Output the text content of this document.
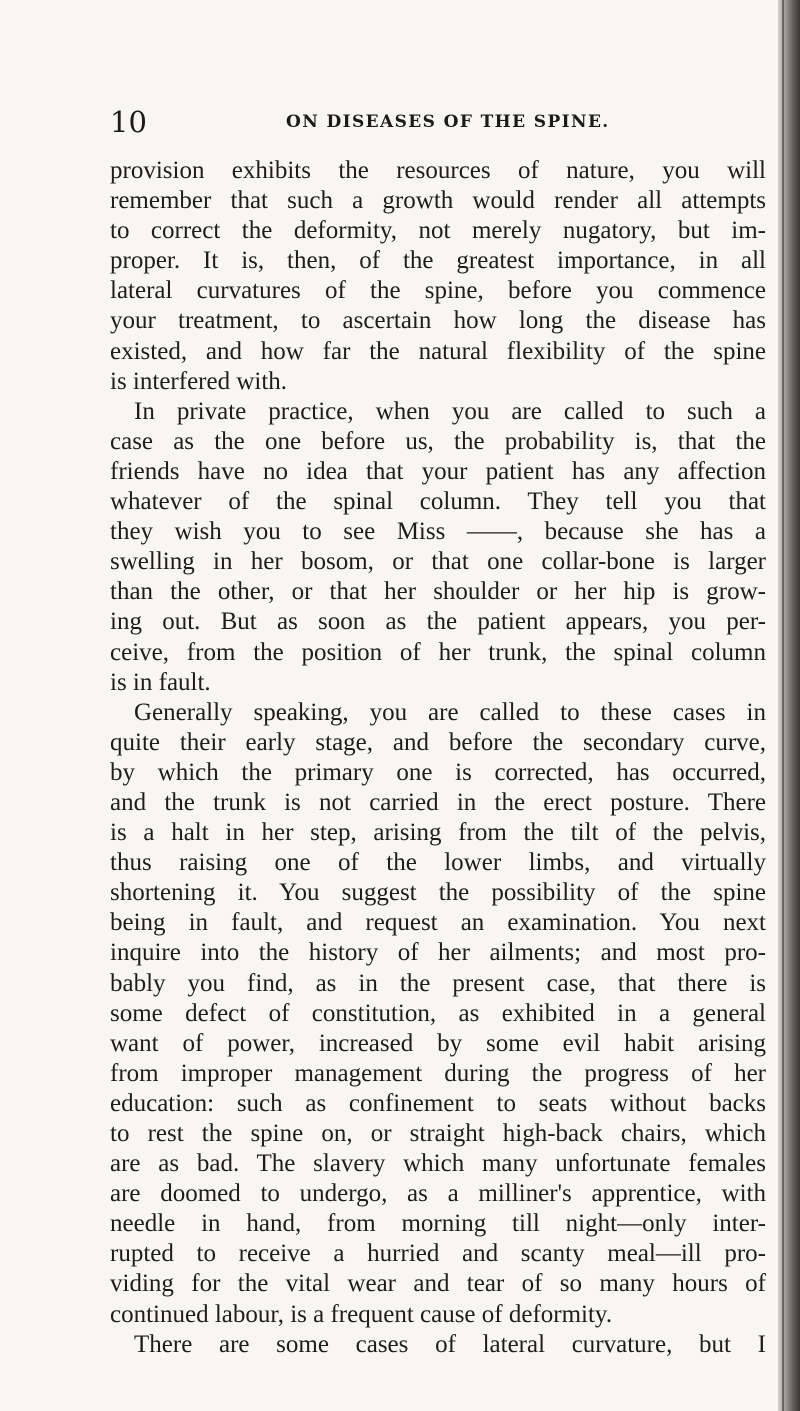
10	ON DISEASES OF THE SPINE.
provision exhibits the resources of nature, you will
remember that such a growth would render all attempts
to correct the deformity, not merely nugatory, but im-
proper. It is, then, of the greatest importance, in all
lateral curvatures of the spine, before you commence
your treatment, to ascertain how long the disease has
existed, and how far the natural flexibility of the spine
is interfered with.
In private practice, when you are called to such a
case as the one before us, the probability is, that the
friends have no idea that your patient has any affection
whatever of the spinal column. They tell you that
they wish you to see Miss ——, because she has a
swelling in her bosom, or that one collar-bone is larger
than the other, or that her shoulder or her hip is grow-
ing out. But as soon as the patient appears, you per-
ceive, from the position of her trunk, the spinal column
is in fault.
Generally speaking, you are called to these cases in
quite their early stage, and before the secondary curve,
by which the primary one is corrected, has occurred,
and the trunk is not carried in the erect posture. There
is a halt in her step, arising from the tilt of the pelvis,
thus raising one of the lower limbs, and virtually
shortening it. You suggest the possibility of the spine
being in fault, and request an examination. You next
inquire into the history of her ailments; and most pro-
bably you find, as in the present case, that there is
some defect of constitution, as exhibited in a general
want of power, increased by some evil habit arising
from improper management during the progress of her
education: such as confinement to seats without backs
to rest the spine on, or straight high-back chairs, which
are as bad. The slavery which many unfortunate females
are doomed to undergo, as a milliner's apprentice, with
needle in hand, from morning till night—only inter-
rupted to receive a hurried and scanty meal—ill pro-
viding for the vital wear and tear of so many hours of
continued labour, is a frequent cause of deformity.
There are some cases of lateral curvature, but I
